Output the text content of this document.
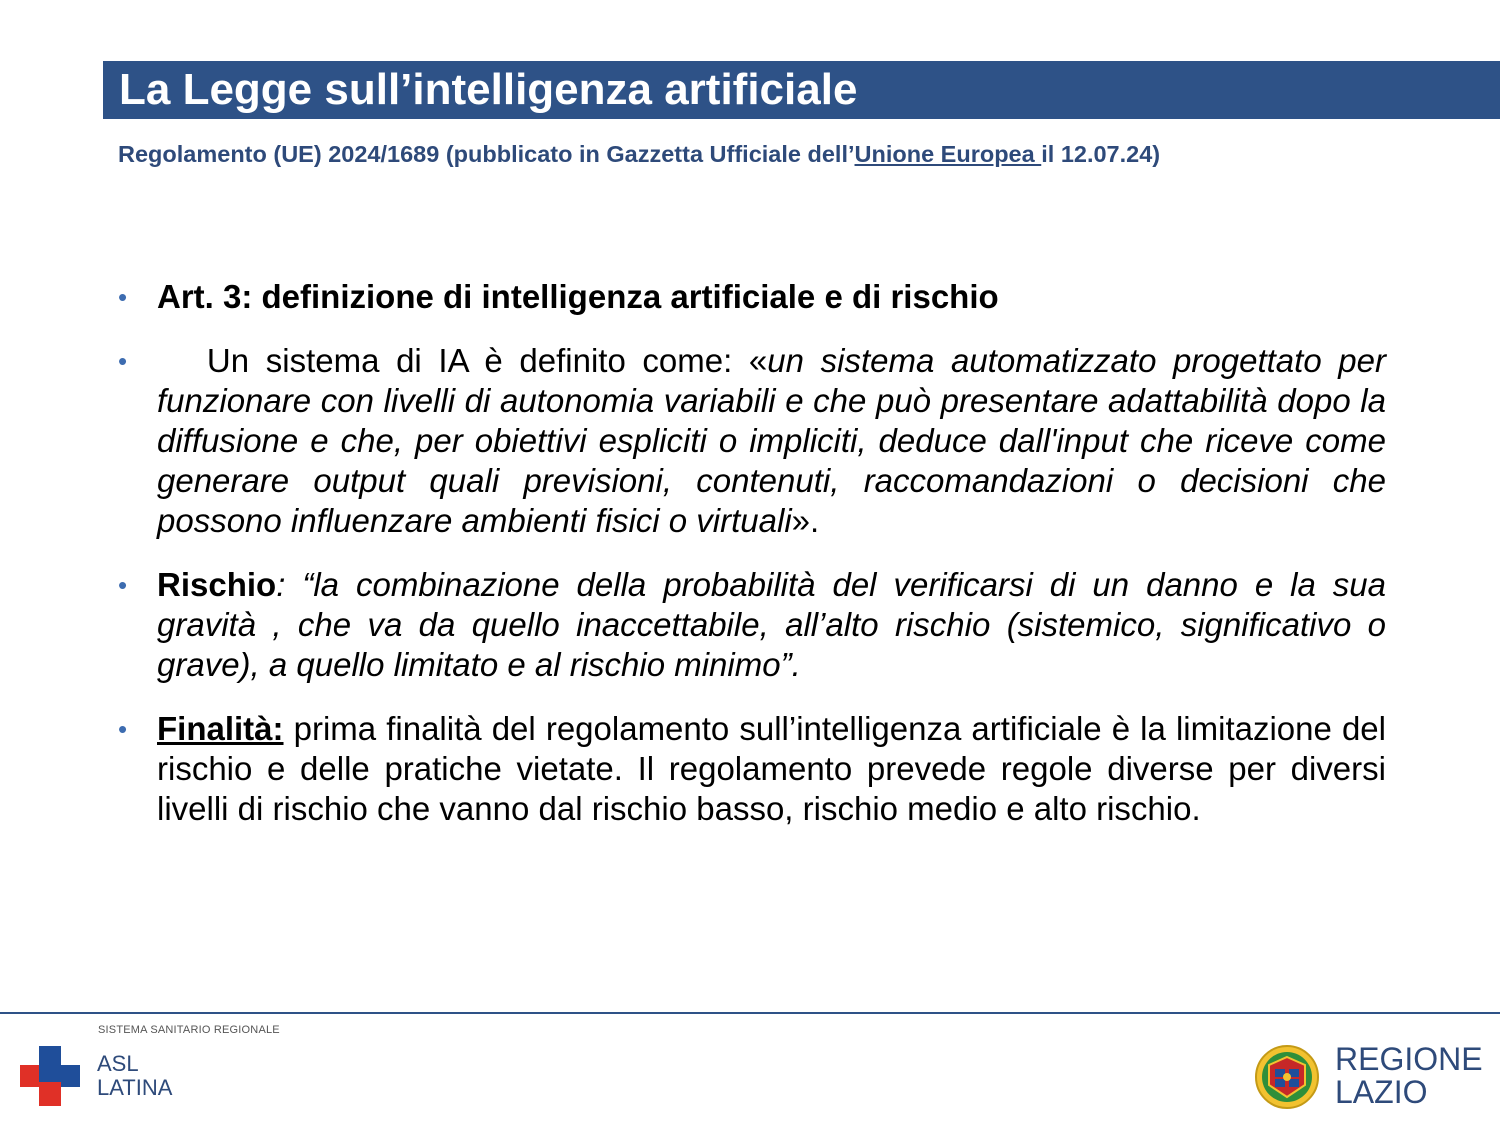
La Legge sull’intelligenza artificiale
Regolamento (UE) 2024/1689 (pubblicato in Gazzetta Ufficiale dell’Unione Europea il 12.07.24)
• Art. 3: definizione di intelligenza artificiale e di rischio
• Un sistema di IA è definito come: «un sistema automatizzato progettato per funzionare con livelli di autonomia variabili e che può presentare adattabilità dopo la diffusione e che, per obiettivi espliciti o impliciti, deduce dall'input che riceve come generare output quali previsioni, contenuti, raccomandazioni o decisioni che possono influenzare ambienti fisici o virtuali».
• Rischio: “la combinazione della probabilità del verificarsi di un danno e la sua gravità , che va da quello inaccettabile, all’alto rischio (sistemico, significativo o grave), a quello limitato e al rischio minimo”.
• Finalità: prima finalità del regolamento sull’intelligenza artificiale è la limitazione del rischio e delle pratiche vietate. Il regolamento prevede regole diverse per diversi livelli di rischio che vanno dal rischio basso, rischio medio e alto rischio.
SISTEMA SANITARIO REGIONALE
ASL
LATINA
REGIONE
LAZIO
